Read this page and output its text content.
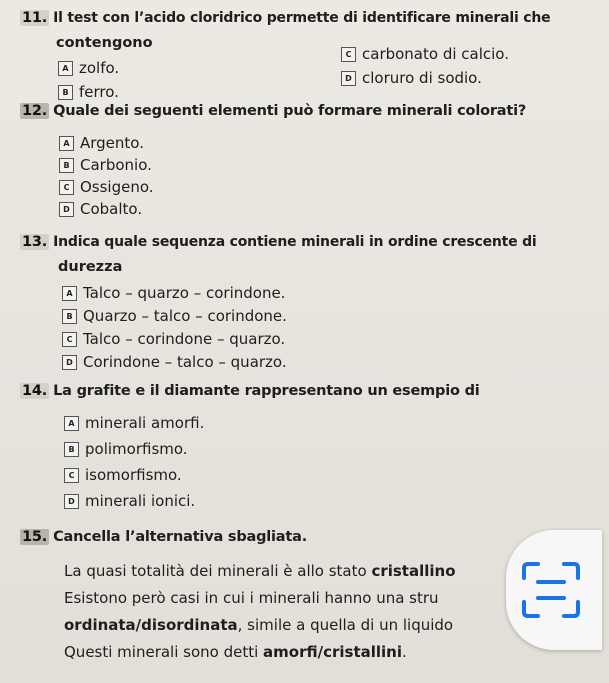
11. Il test con l’acido cloridrico permette di identificare minerali che
contengono
A zolfo.
B ferro.
C carbonato di calcio.
D cloruro di sodio.
12. Quale dei seguenti elementi può formare minerali colorati?
A Argento.
B Carbonio.
C Ossigeno.
D Cobalto.
13. Indica quale sequenza contiene minerali in ordine crescente di
durezza
A Talco – quarzo – corindone.
B Quarzo – talco – corindone.
C Talco – corindone – quarzo.
D Corindone – talco – quarzo.
14. La grafite e il diamante rappresentano un esempio di
A minerali amorfi.
B polimorfismo.
C isomorfismo.
D minerali ionici.
15. Cancella l’alternativa sbagliata.
La quasi totalità dei minerali è allo stato cristallino
Esistono però casi in cui i minerali hanno una stru
ordinata/disordinata, simile a quella di un liquido
Questi minerali sono detti amorfi/cristallini.
